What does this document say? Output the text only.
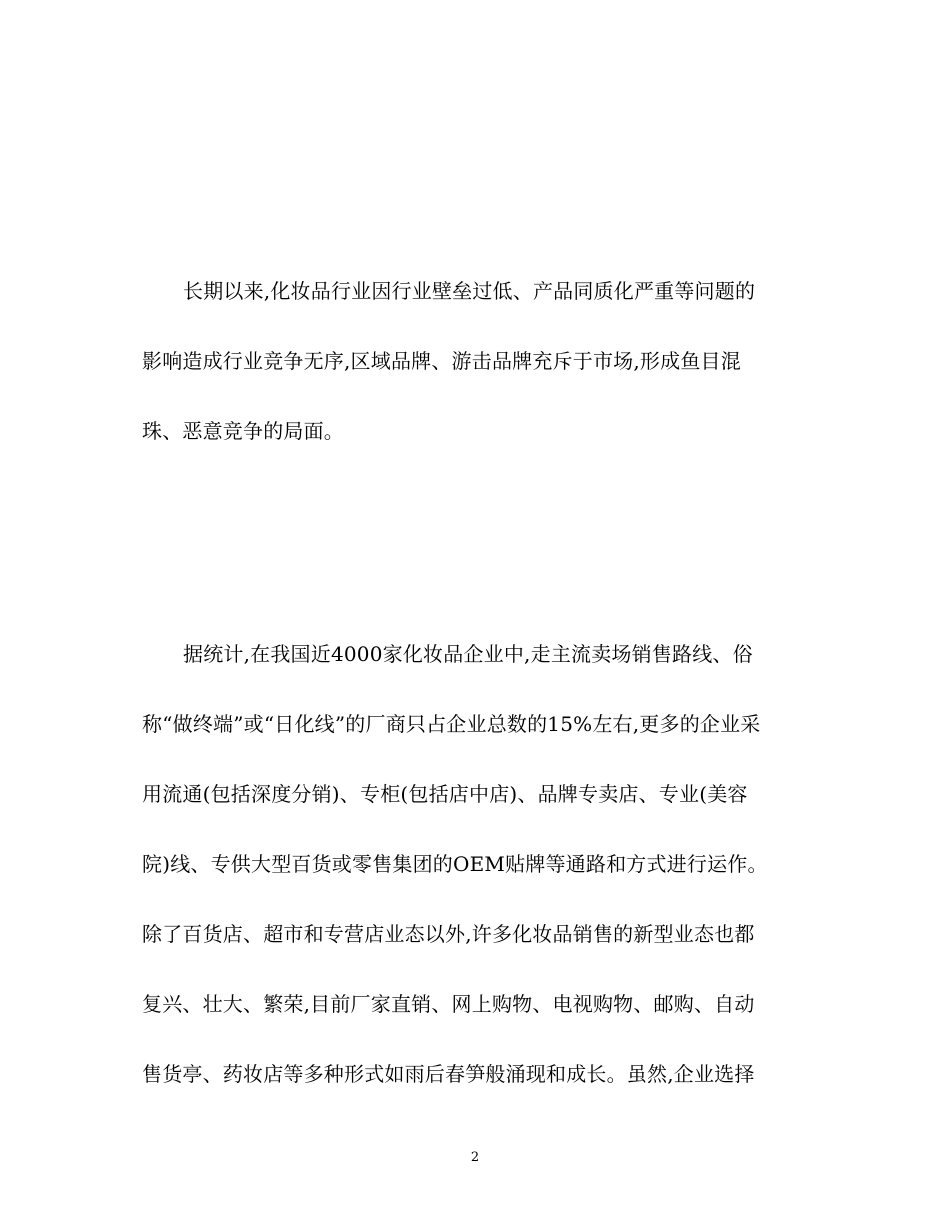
长期以来,化妆品行业因行业壁垒过低、产品同质化严重等问题的
影响造成行业竞争无序,区域品牌、游击品牌充斥于市场,形成鱼目混
珠、恶意竞争的局面。
据统计,在我国近4000家化妆品企业中,走主流卖场销售路线、俗
称“做终端”或“日化线”的厂商只占企业总数的15%左右,更多的企业采
用流通(包括深度分销)、专柜(包括店中店)、品牌专卖店、专业(美容
院)线、专供大型百货或零售集团的OEM贴牌等通路和方式进行运作。
除了百货店、超市和专营店业态以外,许多化妆品销售的新型业态也都
复兴、壮大、繁荣,目前厂家直销、网上购物、电视购物、邮购、自动
售货亭、药妆店等多种形式如雨后春笋般涌现和成长。虽然,企业选择
2
